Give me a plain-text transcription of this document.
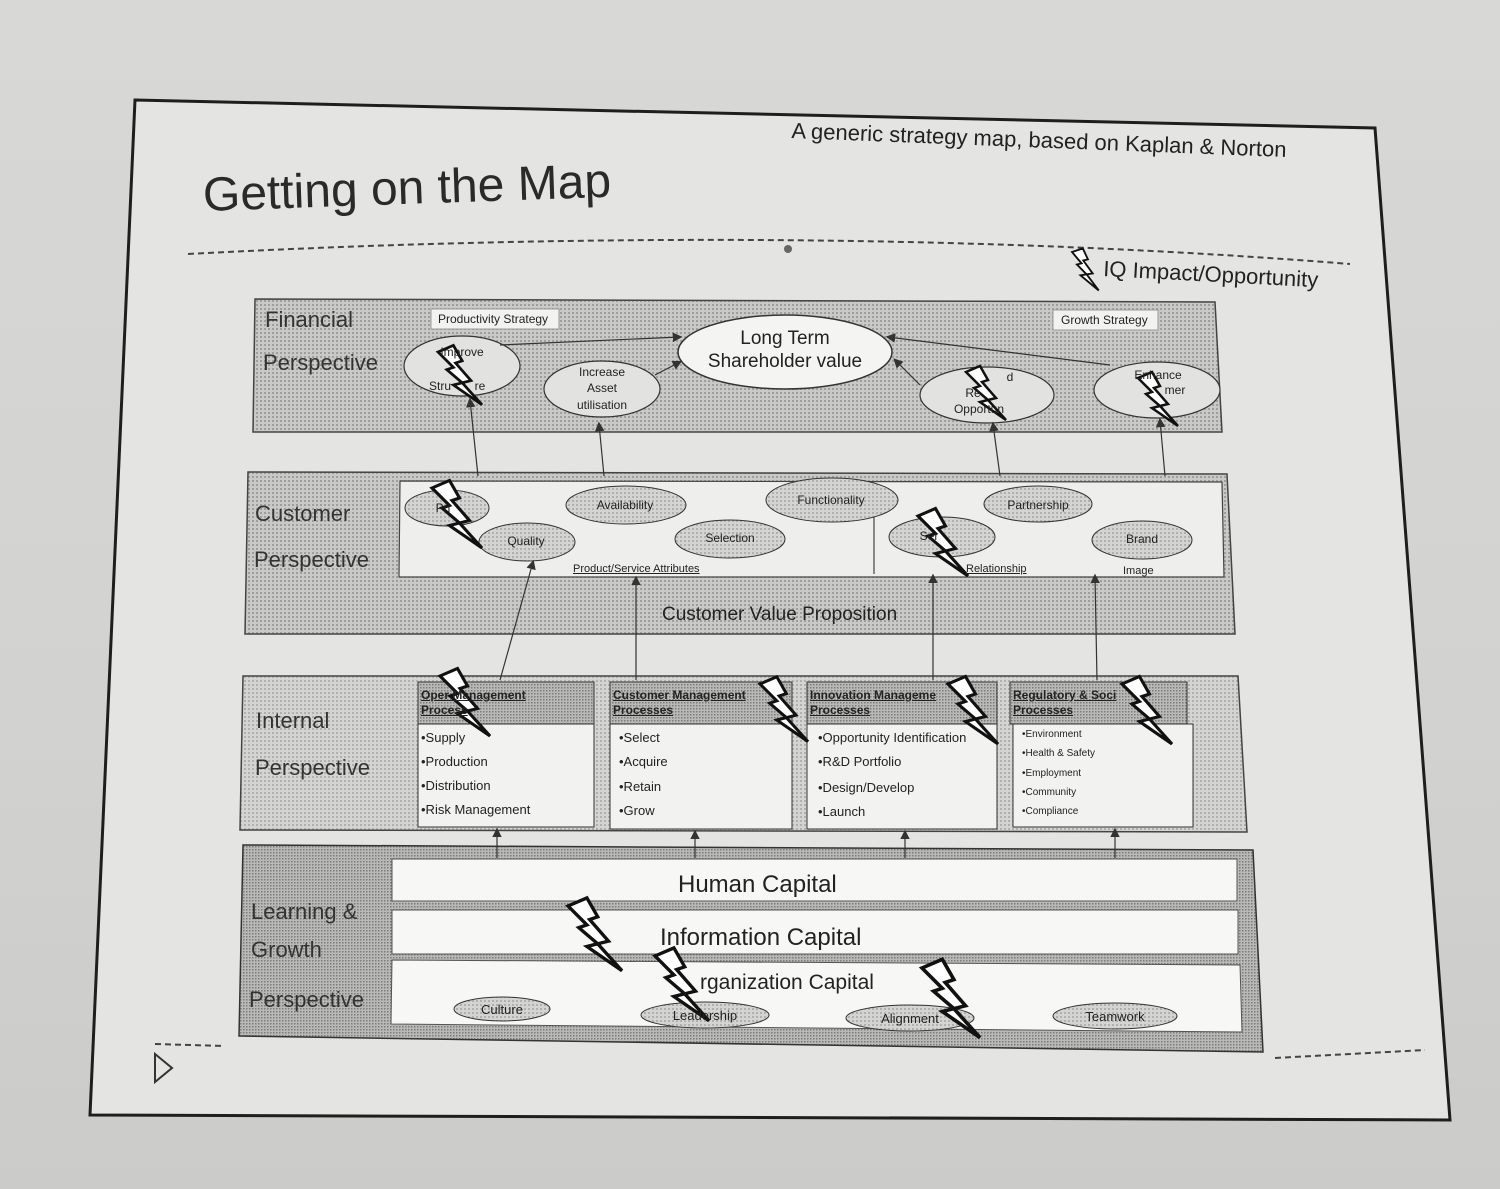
A generic strategy map, based on Kaplan & Norton
Getting on the Map
IQ Impact/Opportunity
Financial
Perspective
Productivity Strategy	Growth Strategy
Long Term
Shareholder value
Improve
Stru	re
Increase
Asset
utilisation
d
Re
Opportun
Enhance
mer
Customer
Perspective
Pri
Quality
Availability
Selection
Functionality
Ser
Partnership
Brand
Product/Service Attributes	Relationship	Image
Customer Value Proposition
Internal
Perspective
Oper Management
Process
•Supply
•Production
•Distribution
•Risk Management
Customer Management
Processes
•Select
•Acquire
•Retain
•Grow
Innovation Manageme
Processes
•Opportunity Identification
•R&D Portfolio
•Design/Develop
•Launch
Regulatory & Soci
Processes
•Environment
•Health & Safety
•Employment
•Community
•Compliance
Learning &
Growth
Perspective
Human Capital
Information Capital
rganization Capital
Culture	Leadership	Alignment	Teamwork
